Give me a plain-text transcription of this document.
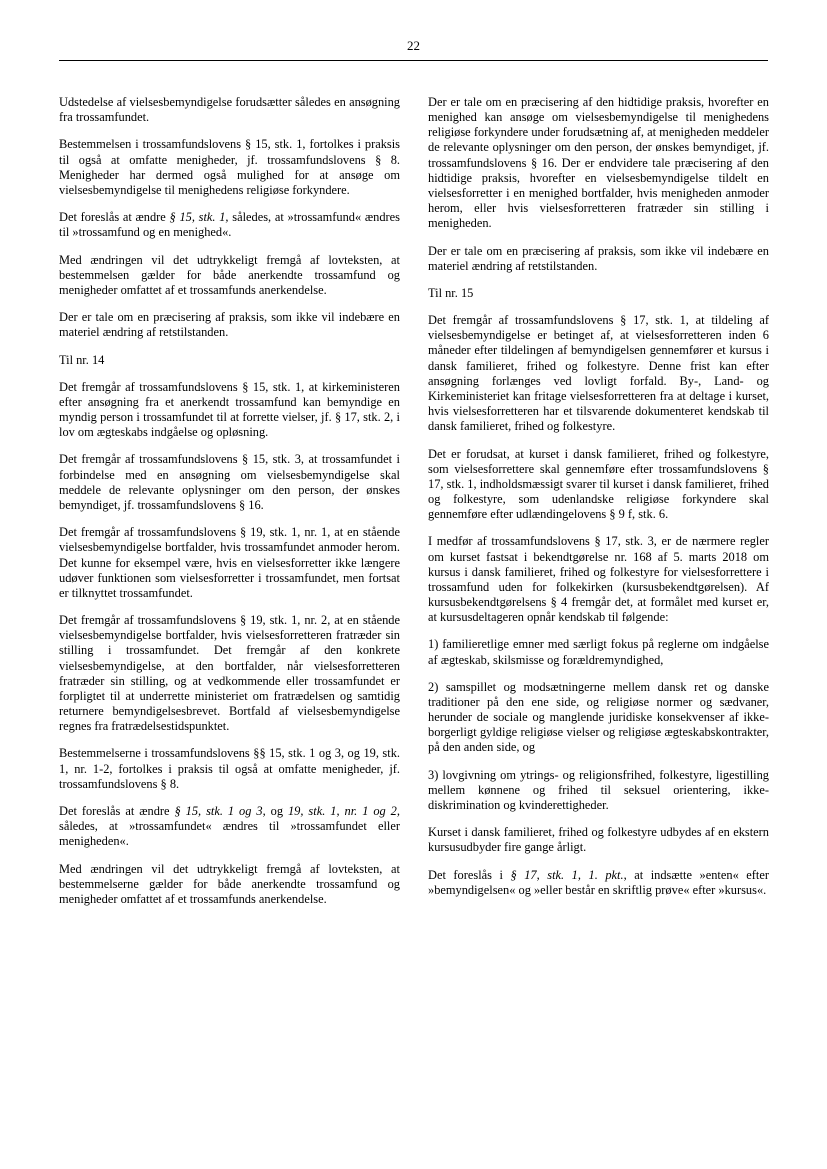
22

Udstedelse af vielsesbemyndigelse forudsætter således en ansøgning fra trossamfundet.

Bestemmelsen i trossamfundslovens § 15, stk. 1, fortolkes i praksis til også at omfatte menigheder, jf. trossamfundslovens § 8. Menigheder har dermed også mulighed for at ansøge om vielsesbemyndigelse til menighedens religiøse forkyndere.

Det foreslås at ændre § 15, stk. 1, således, at »trossamfund« ændres til »trossamfund og en menighed«.

Med ændringen vil det udtrykkeligt fremgå af lovteksten, at bestemmelsen gælder for både anerkendte trossamfund og menigheder omfattet af et trossamfunds anerkendelse.

Der er tale om en præcisering af praksis, som ikke vil indebære en materiel ændring af retstilstanden.

Til nr. 14

Det fremgår af trossamfundslovens § 15, stk. 1, at kirkeministeren efter ansøgning fra et anerkendt trossamfund kan bemyndige en myndig person i trossamfundet til at forrette vielser, jf. § 17, stk. 2, i lov om ægteskabs indgåelse og opløsning.

Det fremgår af trossamfundslovens § 15, stk. 3, at trossamfundet i forbindelse med en ansøgning om vielsesbemyndigelse skal meddele de relevante oplysninger om den person, der ønskes bemyndiget, jf. trossamfundslovens § 16.

Det fremgår af trossamfundslovens § 19, stk. 1, nr. 1, at en stående vielsesbemyndigelse bortfalder, hvis trossamfundet anmoder herom. Det kunne for eksempel være, hvis en vielsesforretter ikke længere udøver funktionen som vielsesforretter i trossamfundet, men fortsat er tilknyttet trossamfundet.

Det fremgår af trossamfundslovens § 19, stk. 1, nr. 2, at en stående vielsesbemyndigelse bortfalder, hvis vielsesforretteren fratræder sin stilling i trossamfundet. Det fremgår af den konkrete vielsesbemyndigelse, at den bortfalder, når vielsesforretteren fratræder sin stilling, og at vedkommende eller trossamfundet er forpligtet til at underrette ministeriet om fratrædelsen og samtidig returnere bemyndigelsesbrevet. Bortfald af vielsesbemyndigelse regnes fra fratrædelsestidspunktet.

Bestemmelserne i trossamfundslovens §§ 15, stk. 1 og 3, og 19, stk. 1, nr. 1-2, fortolkes i praksis til også at omfatte menigheder, jf. trossamfundslovens § 8.

Det foreslås at ændre § 15, stk. 1 og 3, og 19, stk. 1, nr. 1 og 2, således, at »trossamfundet« ændres til »trossamfundet eller menigheden«.

Med ændringen vil det udtrykkeligt fremgå af lovteksten, at bestemmelserne gælder for både anerkendte trossamfund og menigheder omfattet af et trossamfunds anerkendelse.

Der er tale om en præcisering af den hidtidige praksis, hvorefter en menighed kan ansøge om vielsesbemyndigelse til menighedens religiøse forkyndere under forudsætning af, at menigheden meddeler de relevante oplysninger om den person, der ønskes bemyndiget, jf. trossamfundslovens § 16. Der er endvidere tale præcisering af den hidtidige praksis, hvorefter en vielsesbemyndigelse tildelt en vielsesforretter i en menighed bortfalder, hvis menigheden anmoder herom, eller hvis vielsesforretteren fratræder sin stilling i menigheden.

Der er tale om en præcisering af praksis, som ikke vil indebære en materiel ændring af retstilstanden.

Til nr. 15

Det fremgår af trossamfundslovens § 17, stk. 1, at tildeling af vielsesbemyndigelse er betinget af, at vielsesforretteren inden 6 måneder efter tildelingen af bemyndigelsen gennemfører et kursus i dansk familieret, frihed og folkestyre. Denne frist kan efter ansøgning forlænges ved lovligt forfald. By-, Land- og Kirkeministeriet kan fritage vielsesforretteren fra at deltage i kurset, hvis vielsesforretteren har et tilsvarende dokumenteret kendskab til dansk familieret, frihed og folkestyre.

Det er forudsat, at kurset i dansk familieret, frihed og folkestyre, som vielsesforrettere skal gennemføre efter trossamfundslovens § 17, stk. 1, indholdsmæssigt svarer til kurset i dansk familieret, frihed og folkestyre, som udenlandske religiøse forkyndere skal gennemføre efter udlændingelovens § 9 f, stk. 6.

I medfør af trossamfundslovens § 17, stk. 3, er de nærmere regler om kurset fastsat i bekendtgørelse nr. 168 af 5. marts 2018 om kursus i dansk familieret, frihed og folkestyre for vielsesforrettere i trossamfund uden for folkekirken (kursusbekendtgørelsen). Af kursusbekendtgørelsens § 4 fremgår det, at formålet med kurset er, at kursusdeltageren opnår kendskab til følgende:

1) familieretlige emner med særligt fokus på reglerne om indgåelse af ægteskab, skilsmisse og forældremyndighed,

2) samspillet og modsætningerne mellem dansk ret og danske traditioner på den ene side, og religiøse normer og sædvaner, herunder de sociale og manglende juridiske konsekvenser af ikke-borgerligt gyldige religiøse vielser og religiøse ægteskabskontrakter, på den anden side, og

3) lovgivning om ytrings- og religionsfrihed, folkestyre, ligestilling mellem kønnene og frihed til seksuel orientering, ikke-diskrimination og kvinderettigheder.

Kurset i dansk familieret, frihed og folkestyre udbydes af en ekstern kursusudbyder fire gange årligt.

Det foreslås i § 17, stk. 1, 1. pkt., at indsætte »enten« efter »bemyndigelsen« og »eller består en skriftlig prøve« efter »kursus«.
